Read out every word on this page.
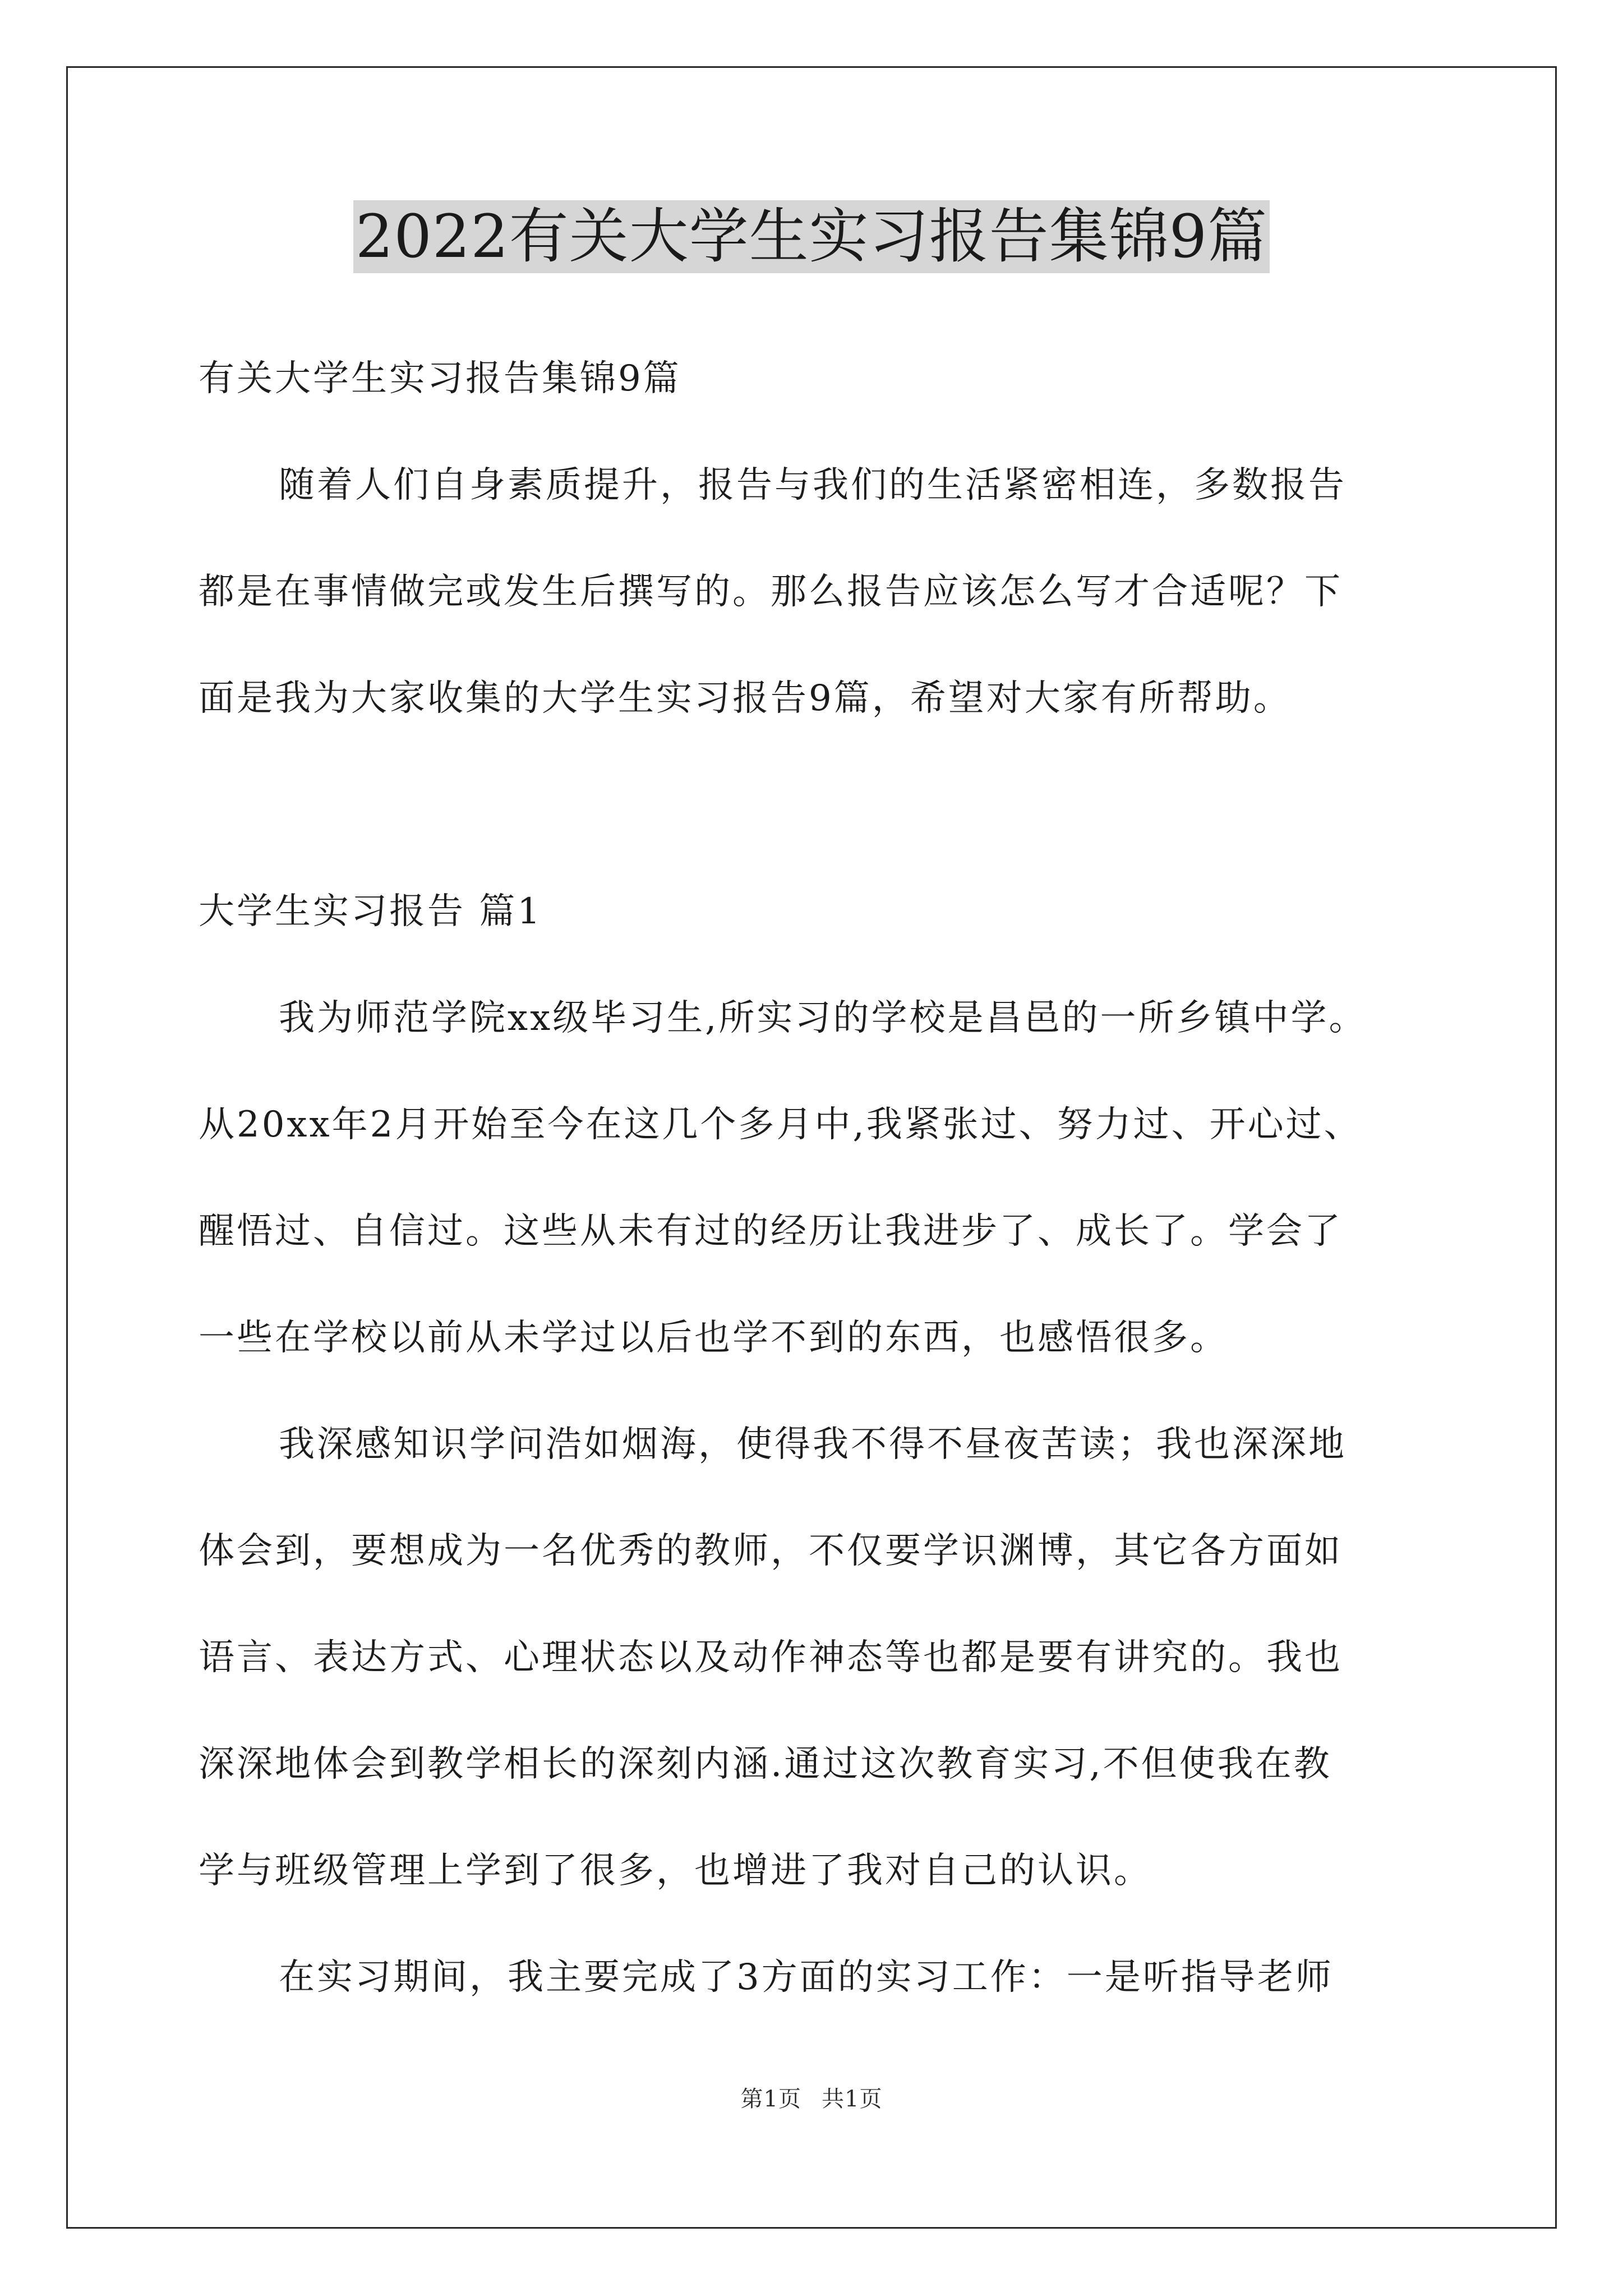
2022有关大学生实习报告集锦9篇
有关大学生实习报告集锦9篇
随着人们自身素质提升，报告与我们的生活紧密相连，多数报告
都是在事情做完或发生后撰写的。那么报告应该怎么写才合适呢？下
面是我为大家收集的大学生实习报告9篇，希望对大家有所帮助。
大学生实习报告 篇1
我为师范学院xx级毕习生,所实习的学校是昌邑的一所乡镇中学。
从20xx年2月开始至今在这几个多月中,我紧张过、努力过、开心过、
醒悟过、自信过。这些从未有过的经历让我进步了、成长了。学会了
一些在学校以前从未学过以后也学不到的东西，也感悟很多。
我深感知识学问浩如烟海，使得我不得不昼夜苦读；我也深深地
体会到，要想成为一名优秀的教师，不仅要学识渊博，其它各方面如
语言、表达方式、心理状态以及动作神态等也都是要有讲究的。我也
深深地体会到教学相长的深刻内涵.通过这次教育实习,不但使我在教
学与班级管理上学到了很多，也增进了我对自己的认识。
在实习期间，我主要完成了3方面的实习工作：一是听指导老师
第1页 共1页
